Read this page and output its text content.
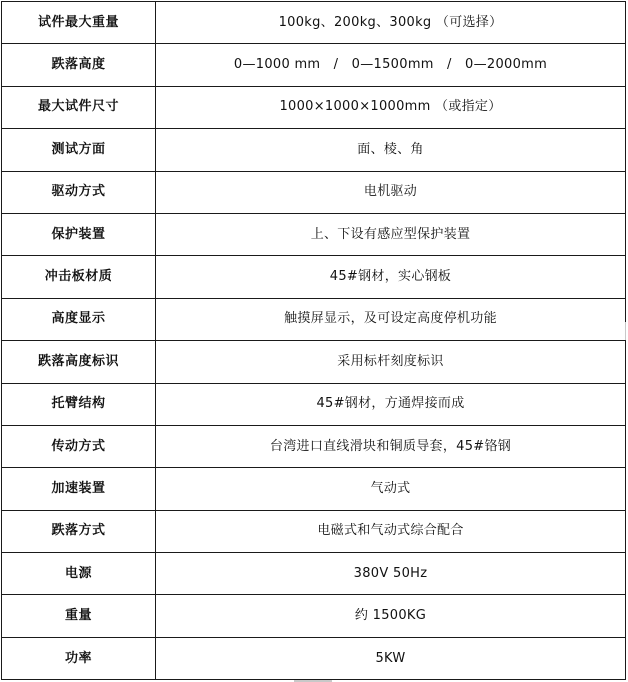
试件最大重量	100kg、200kg、300kg （可选择）
跌落高度	0—1000 mm   /   0—1500mm   /   0—2000mm
最大试件尺寸	1000×1000×1000mm （或指定）
测试方面	面、棱、角
驱动方式	电机驱动
保护装置	上、下设有感应型保护装置
冲击板材质	45#钢材，实心钢板
高度显示	触摸屏显示，及可设定高度停机功能
跌落高度标识	采用标杆刻度标识
托臂结构	45#钢材，方通焊接而成
传动方式	台湾进口直线滑块和铜质导套，45#铬钢
加速装置	气动式
跌落方式	电磁式和气动式综合配合
电源	380V 50Hz
重量	约 1500KG
功率	5KW
